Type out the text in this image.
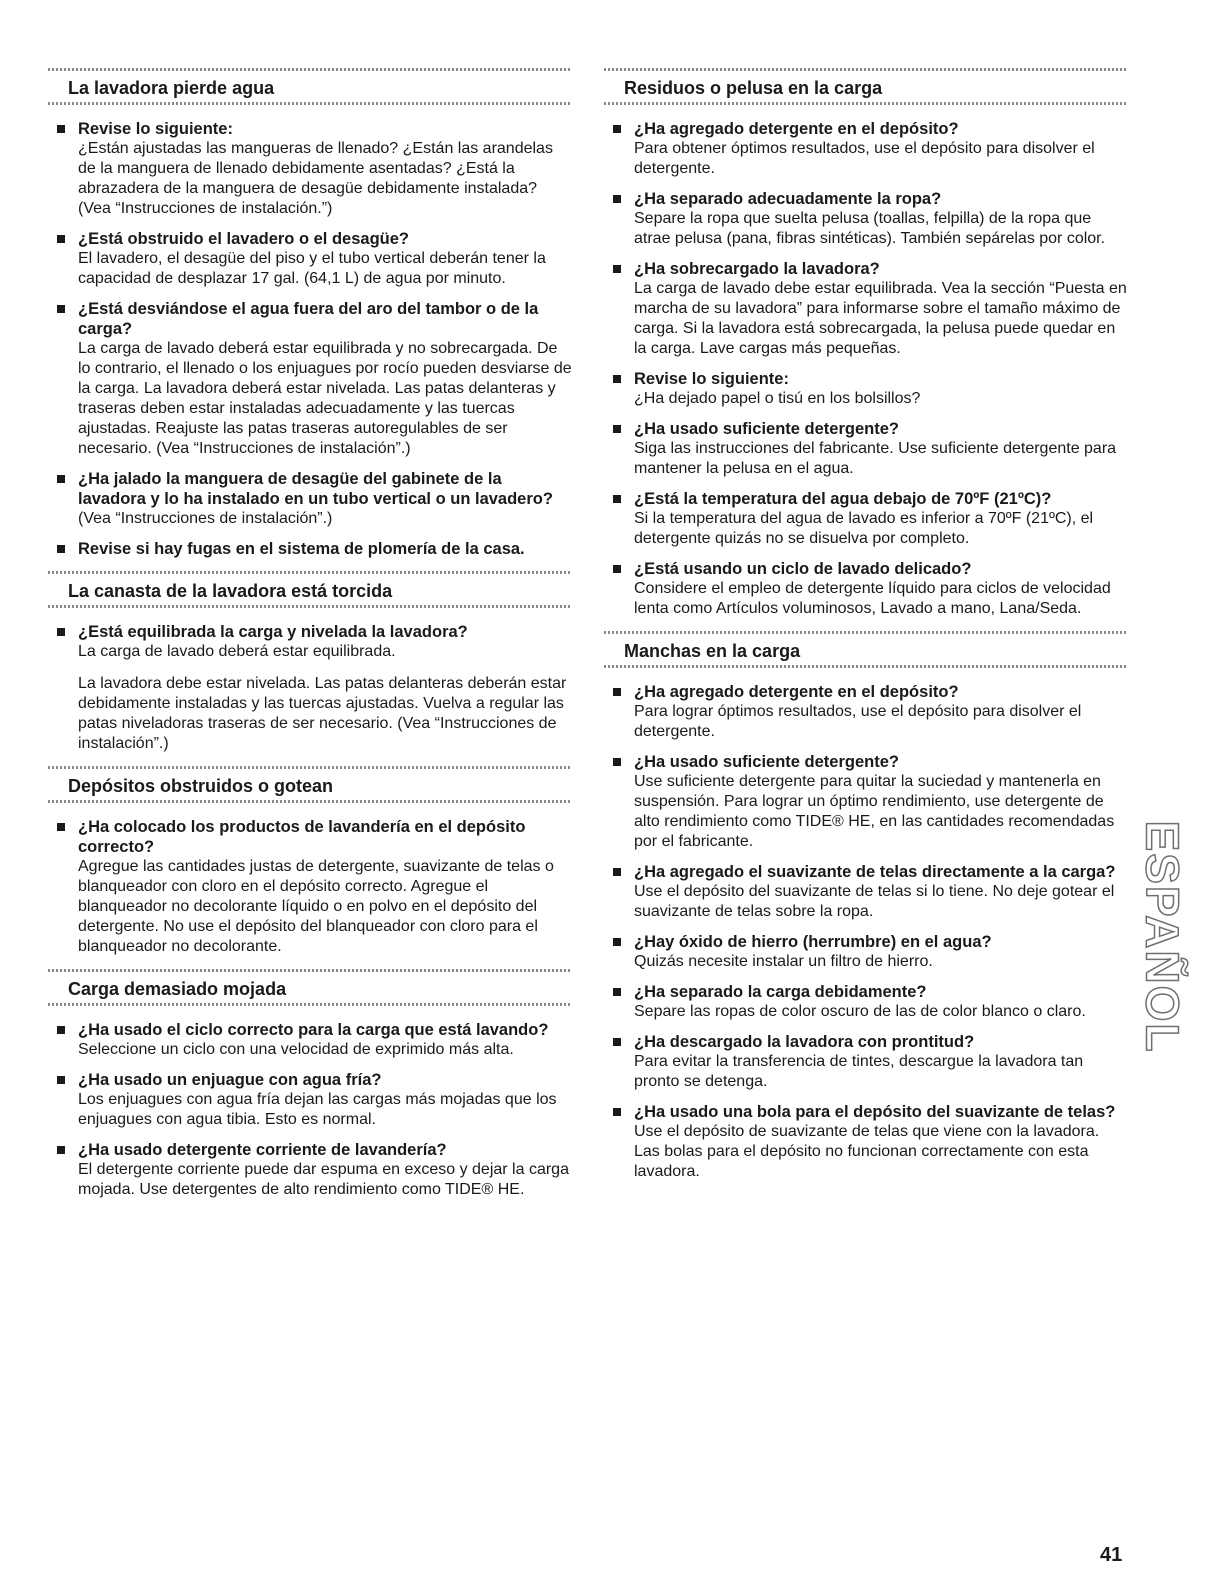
La lavadora pierde agua
Revise lo siguiente:
¿Están ajustadas las mangueras de llenado? ¿Están las arandelas de la manguera de llenado debidamente asentadas? ¿Está la abrazadera de la manguera de desagüe debidamente instalada? (Vea “Instrucciones de instalación.”)
¿Está obstruido el lavadero o el desagüe?
El lavadero, el desagüe del piso y el tubo vertical deberán tener la capacidad de desplazar 17 gal. (64,1 L) de agua por minuto.
¿Está desviándose el agua fuera del aro del tambor o de la carga?
La carga de lavado deberá estar equilibrada y no sobrecargada. De lo contrario, el llenado o los enjuagues por rocío pueden desviarse de la carga. La lavadora deberá estar nivelada. Las patas delanteras y traseras deben estar instaladas adecuadamente y las tuercas ajustadas. Reajuste las patas traseras autoregulables de ser necesario. (Vea “Instrucciones de instalación”.)
¿Ha jalado la manguera de desagüe del gabinete de la lavadora y lo ha instalado en un tubo vertical o un lavadero?
(Vea “Instrucciones de instalación”.)
Revise si hay fugas en el sistema de plomería de la casa.
La canasta de la lavadora está torcida
¿Está equilibrada la carga y nivelada la lavadora?
La carga de lavado deberá estar equilibrada.
La lavadora debe estar nivelada. Las patas delanteras deberán estar debidamente instaladas y las tuercas ajustadas. Vuelva a regular las patas niveladoras traseras de ser necesario. (Vea “Instrucciones de instalación”.)
Depósitos obstruidos o gotean
¿Ha colocado los productos de lavandería en el depósito correcto?
Agregue las cantidades justas de detergente, suavizante de telas o blanqueador con cloro en el depósito correcto. Agregue el blanqueador no decolorante líquido o en polvo en el depósito del detergente. No use el depósito del blanqueador con cloro para el blanqueador no decolorante.
Carga demasiado mojada
¿Ha usado el ciclo correcto para la carga que está lavando?
Seleccione un ciclo con una velocidad de exprimido más alta.
¿Ha usado un enjuague con agua fría?
Los enjuagues con agua fría dejan las cargas más mojadas que los enjuagues con agua tibia. Esto es normal.
¿Ha usado detergente corriente de lavandería?
El detergente corriente puede dar espuma en exceso y dejar la carga mojada. Use detergentes de alto rendimiento como TIDE® HE.
Residuos o pelusa en la carga
¿Ha agregado detergente en el depósito?
Para obtener óptimos resultados, use el depósito para disolver el detergente.
¿Ha separado adecuadamente la ropa?
Separe la ropa que suelta pelusa (toallas, felpilla) de la ropa que atrae pelusa (pana, fibras sintéticas). También sepárelas por color.
¿Ha sobrecargado la lavadora?
La carga de lavado debe estar equilibrada. Vea la sección “Puesta en marcha de su lavadora” para informarse sobre el tamaño máximo de carga. Si la lavadora está sobrecargada, la pelusa puede quedar en la carga. Lave cargas más pequeñas.
Revise lo siguiente:
¿Ha dejado papel o tisú en los bolsillos?
¿Ha usado suficiente detergente?
Siga las instrucciones del fabricante. Use suficiente detergente para mantener la pelusa en el agua.
¿Está la temperatura del agua debajo de 70ºF (21ºC)?
Si la temperatura del agua de lavado es inferior a 70ºF (21ºC), el detergente quizás no se disuelva por completo.
¿Está usando un ciclo de lavado delicado?
Considere el empleo de detergente líquido para ciclos de velocidad lenta como Artículos voluminosos, Lavado a mano, Lana/Seda.
Manchas en la carga
¿Ha agregado detergente en el depósito?
Para lograr óptimos resultados, use el depósito para disolver el detergente.
¿Ha usado suficiente detergente?
Use suficiente detergente para quitar la suciedad y mantenerla en suspensión. Para lograr un óptimo rendimiento, use detergente de alto rendimiento como TIDE® HE, en las cantidades recomendadas por el fabricante.
¿Ha agregado el suavizante de telas directamente a la carga?
Use el depósito del suavizante de telas si lo tiene. No deje gotear el suavizante de telas sobre la ropa.
¿Hay óxido de hierro (herrumbre) en el agua?
Quizás necesite instalar un filtro de hierro.
¿Ha separado la carga debidamente?
Separe las ropas de color oscuro de las de color blanco o claro.
¿Ha descargado la lavadora con prontitud?
Para evitar la transferencia de tintes, descargue la lavadora tan pronto se detenga.
¿Ha usado una bola para el depósito del suavizante de telas?
Use el depósito de suavizante de telas que viene con la lavadora. Las bolas para el depósito no funcionan correctamente con esta lavadora.
ESPAÑOL
41
